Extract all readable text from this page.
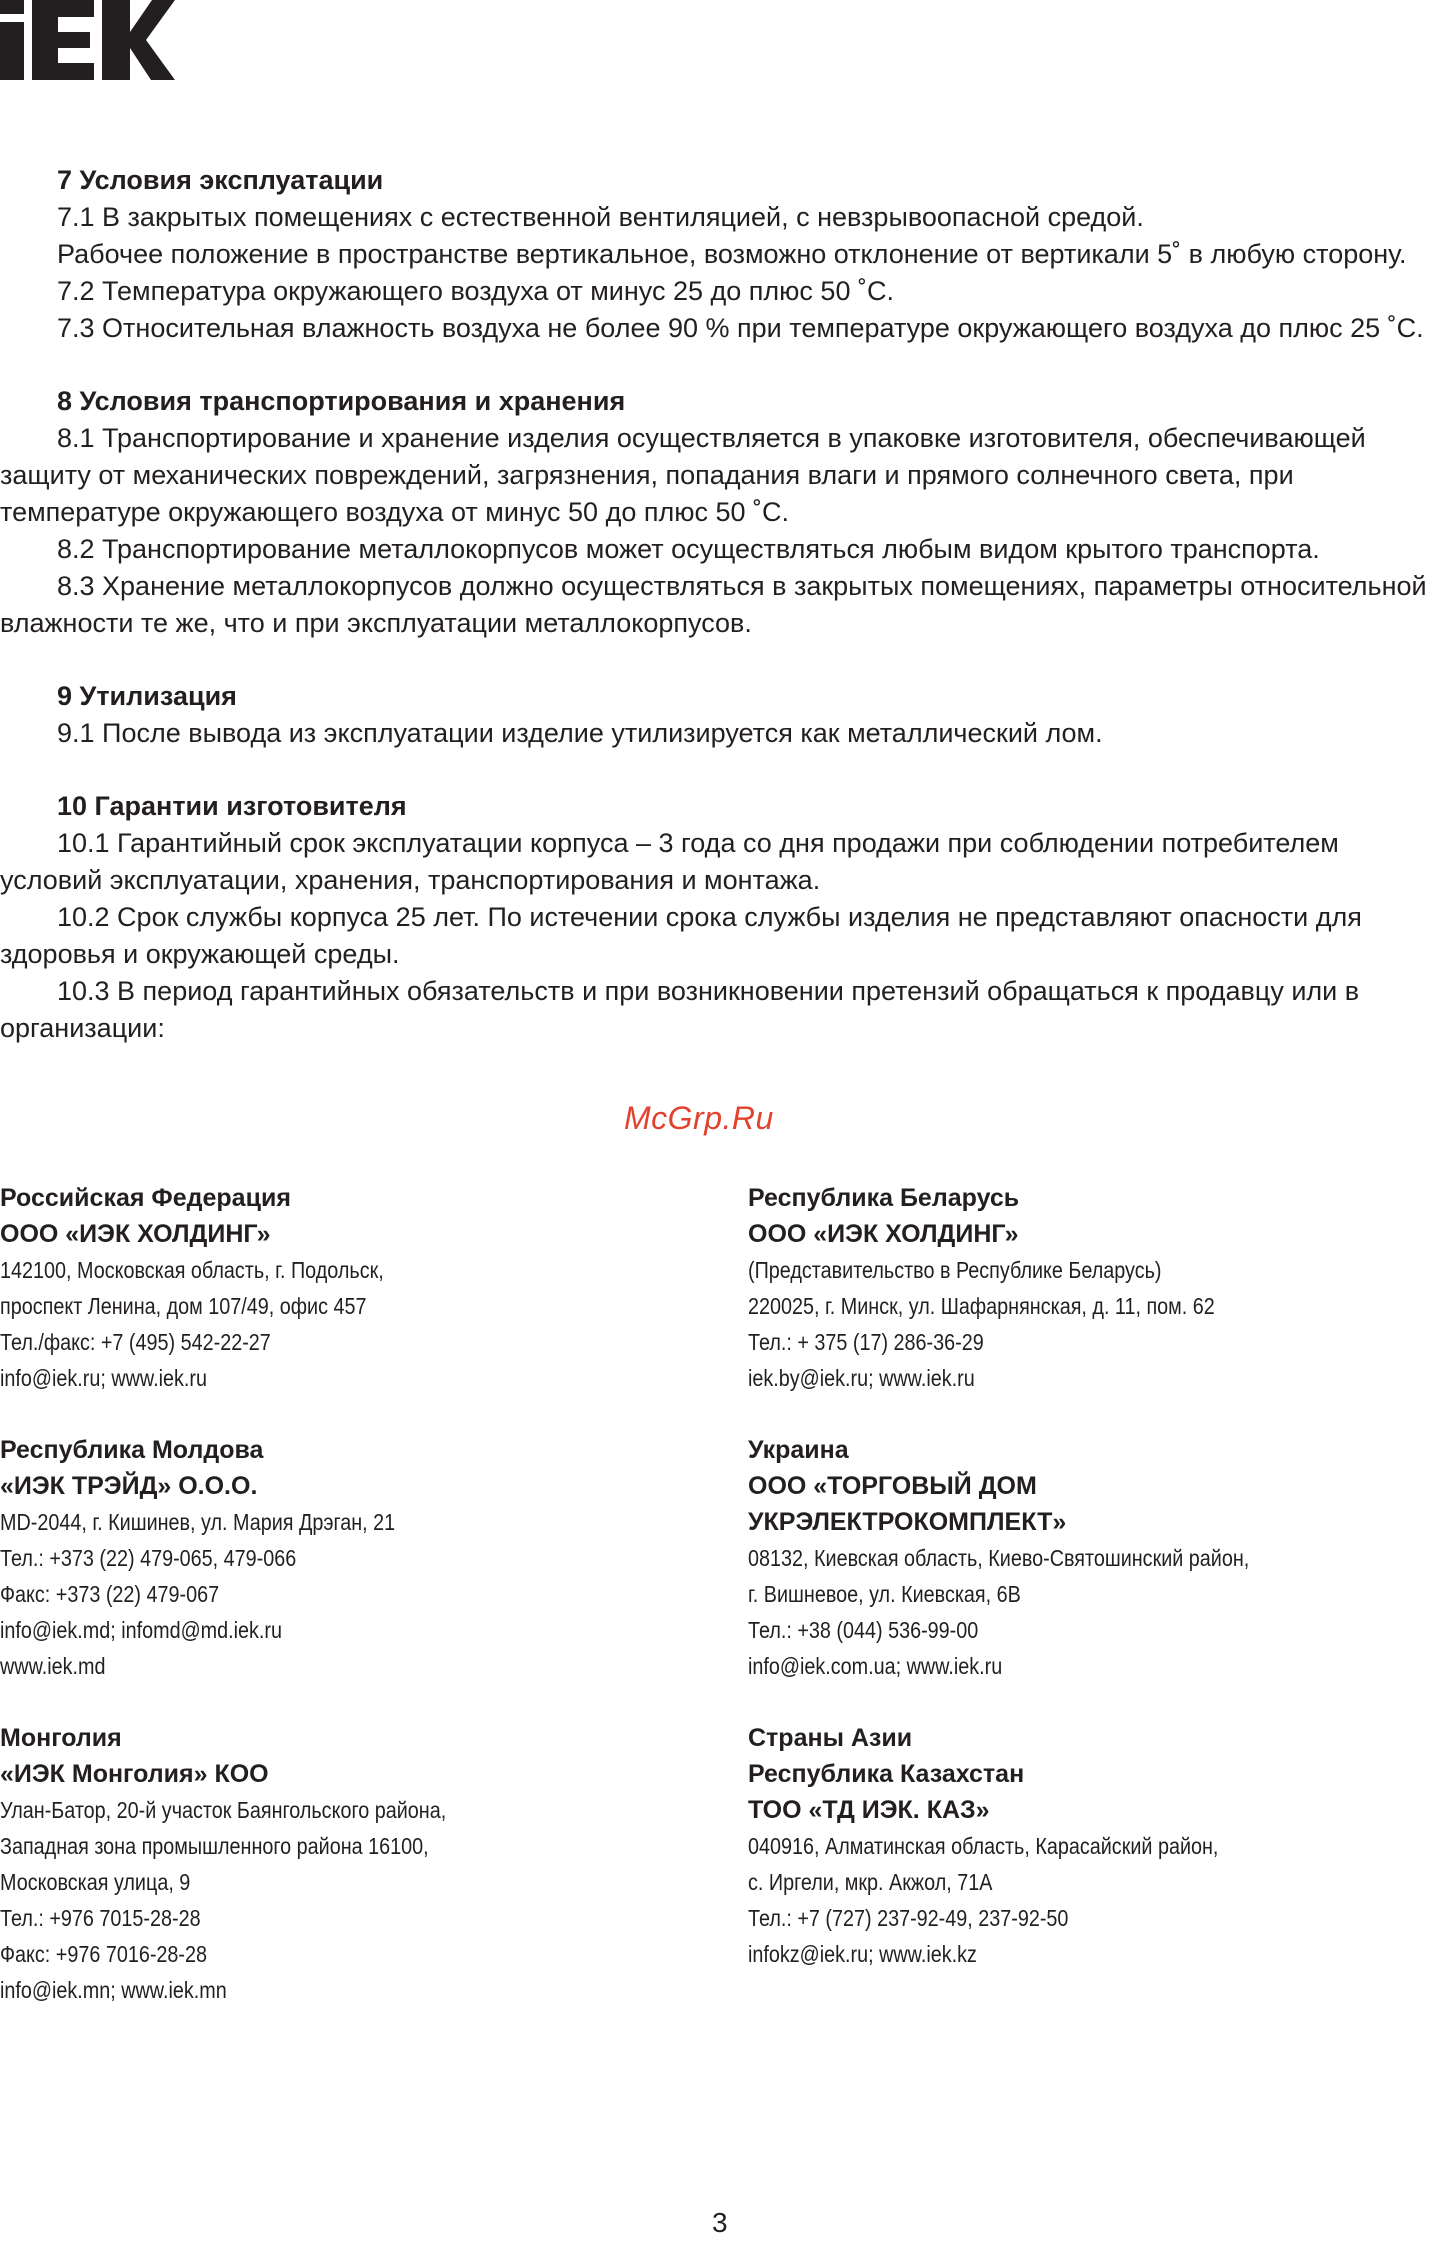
7 Условия эксплуатации

7.1 В закрытых помещениях с естественной вентиляцией, с невзрывоопасной средой.

Рабочее положение в пространстве вертикальное, возможно отклонение от вертикали 5˚ в любую сторону.

7.2 Температура окружающего воздуха от минус 25 до плюс 50 ˚С.

7.3 Относительная влажность воздуха не более 90 % при температуре окружающего воздуха до плюс 25 ˚С.

8 Условия транспортирования и хранения

8.1 Транспортирование и хранение изделия осуществляется в упаковке изготовителя, обеспечивающей защиту от механических повреждений, загрязнения, попадания влаги и прямого солнечного света, при температуре окружающего воздуха от минус 50 до плюс 50 ˚С.

8.2 Транспортирование металлокорпусов может осуществляться любым видом крытого транспорта.

8.3 Хранение металлокорпусов должно осуществляться в закрытых помещениях, параметры относительной влажности те же, что и при эксплуатации металлокорпусов.

9 Утилизация

9.1 После вывода из эксплуатации изделие утилизируется как металлический лом.

10 Гарантии изготовителя

10.1 Гарантийный срок эксплуатации корпуса – 3 года со дня продажи при соблюдении потребителем условий эксплуатации, хранения, транспортирования и монтажа.

10.2 Срок службы корпуса 25 лет. По истечении срока службы изделия не представляют опасности для здоровья и окружающей среды.

10.3 В период гарантийных обязательств и при возникновении претензий обращаться к продавцу или в организации:

McGrp.Ru

Российская Федерация

ООО «ИЭК ХОЛДИНГ»

142100, Московская область, г. Подольск,

проспект Ленина, дом 107/49, офис 457

Тел./факс: +7 (495) 542-22-27

info@iek.ru; www.iek.ru

Республика Молдова

«ИЭК ТРЭЙД» О.О.О.

MD-2044, г. Кишинев, ул. Мария Дрэган, 21

Тел.: +373 (22) 479-065, 479-066

Факс: +373 (22) 479-067

info@iek.md; infomd@md.iek.ru

www.iek.md

Монголия

«ИЭК Монголия» КОО

Улан-Батор, 20-й участок Баянгольского района,

Западная зона промышленного района 16100,

Московская улица, 9

Тел.: +976 7015-28-28

Факс: +976 7016-28-28

info@iek.mn; www.iek.mn

Республика Беларусь

ООО «ИЭК ХОЛДИНГ»

(Представительство в Республике Беларусь)

220025, г. Минск, ул. Шафарнянская, д. 11, пом. 62

Тел.: + 375 (17) 286-36-29

iek.by@iek.ru; www.iek.ru

Украина

ООО «ТОРГОВЫЙ ДОМ

УКРЭЛЕКТРОКОМПЛЕКТ»

08132, Киевская область, Киево-Святошинский район,

г. Вишневое, ул. Киевская, 6В

Тел.: +38 (044) 536-99-00

info@iek.com.ua; www.iek.ru

Страны Азии

Республика Казахстан

ТОО «ТД ИЭК. КАЗ»

040916, Алматинская область, Карасайский район,

с. Иргели, мкр. Акжол, 71А

Тел.: +7 (727) 237-92-49, 237-92-50

infokz@iek.ru; www.iek.kz

3
